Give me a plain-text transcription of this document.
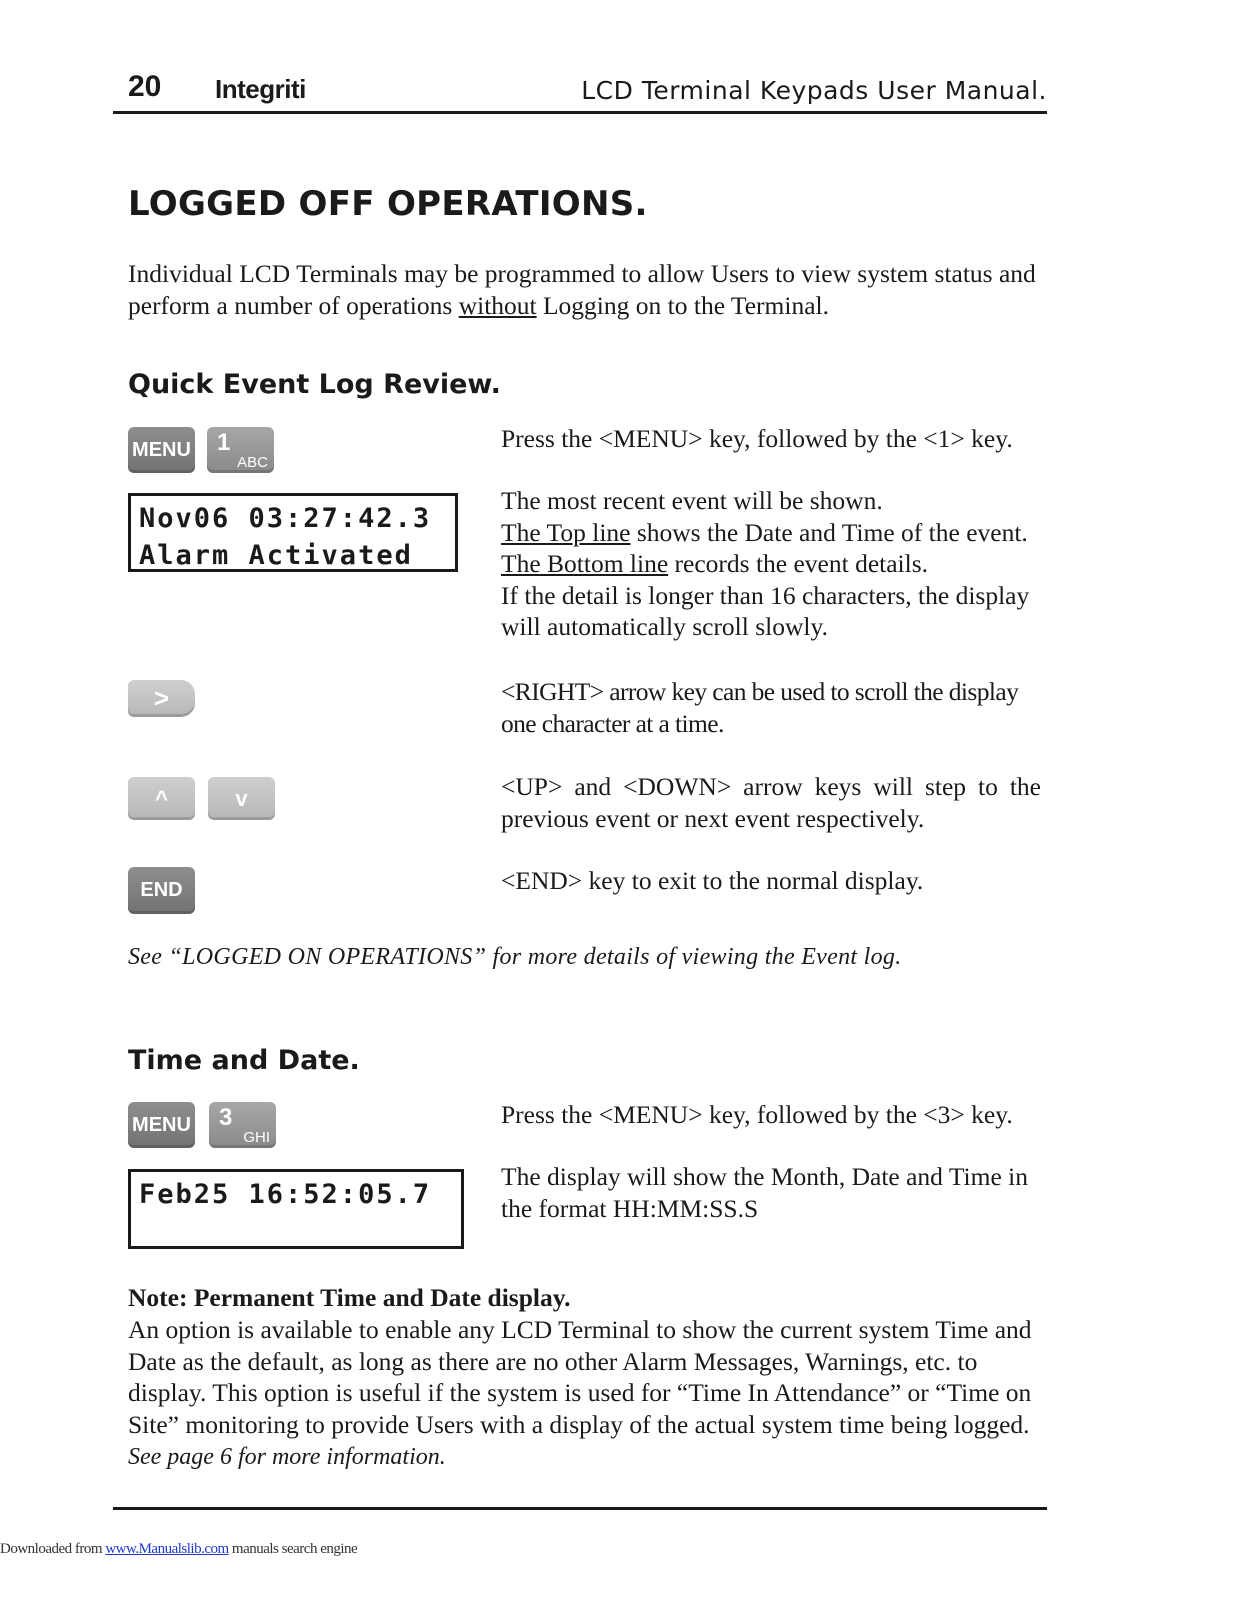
20 Integriti	LCD Terminal Keypads User Manual.
LOGGED OFF OPERATIONS.
Individual LCD Terminals may be programmed to allow Users to view system status and perform a number of operations without Logging on to the Terminal.
Quick Event Log Review.
MENU 1
ABC
Press the <MENU> key, followed by the <1> key.
Nov06 03:27:42.3
Alarm Activated
The most recent event will be shown.
The Top line shows the Date and Time of the event.
The Bottom line records the event details.
If the detail is longer than 16 characters, the display will automatically scroll slowly.
>	<RIGHT> arrow key can be used to scroll the display one character at a time.
^	v	<UP> and <DOWN> arrow keys will step to the previous event or next event respectively.
END	<END> key to exit to the normal display.
See “LOGGED ON OPERATIONS” for more details of viewing the Event log.
Time and Date.
MENU 3
GHI
Press the <MENU> key, followed by the <3> key.
Feb25 16:52:05.7
The display will show the Month, Date and Time in the format HH:MM:SS.S
Note: Permanent Time and Date display.
An option is available to enable any LCD Terminal to show the current system Time and Date as the default, as long as there are no other Alarm Messages, Warnings, etc. to display. This option is useful if the system is used for “Time In Attendance” or “Time on Site” monitoring to provide Users with a display of the actual system time being logged. See page 6 for more information.
Downloaded from www.Manualslib.com manuals search engine
